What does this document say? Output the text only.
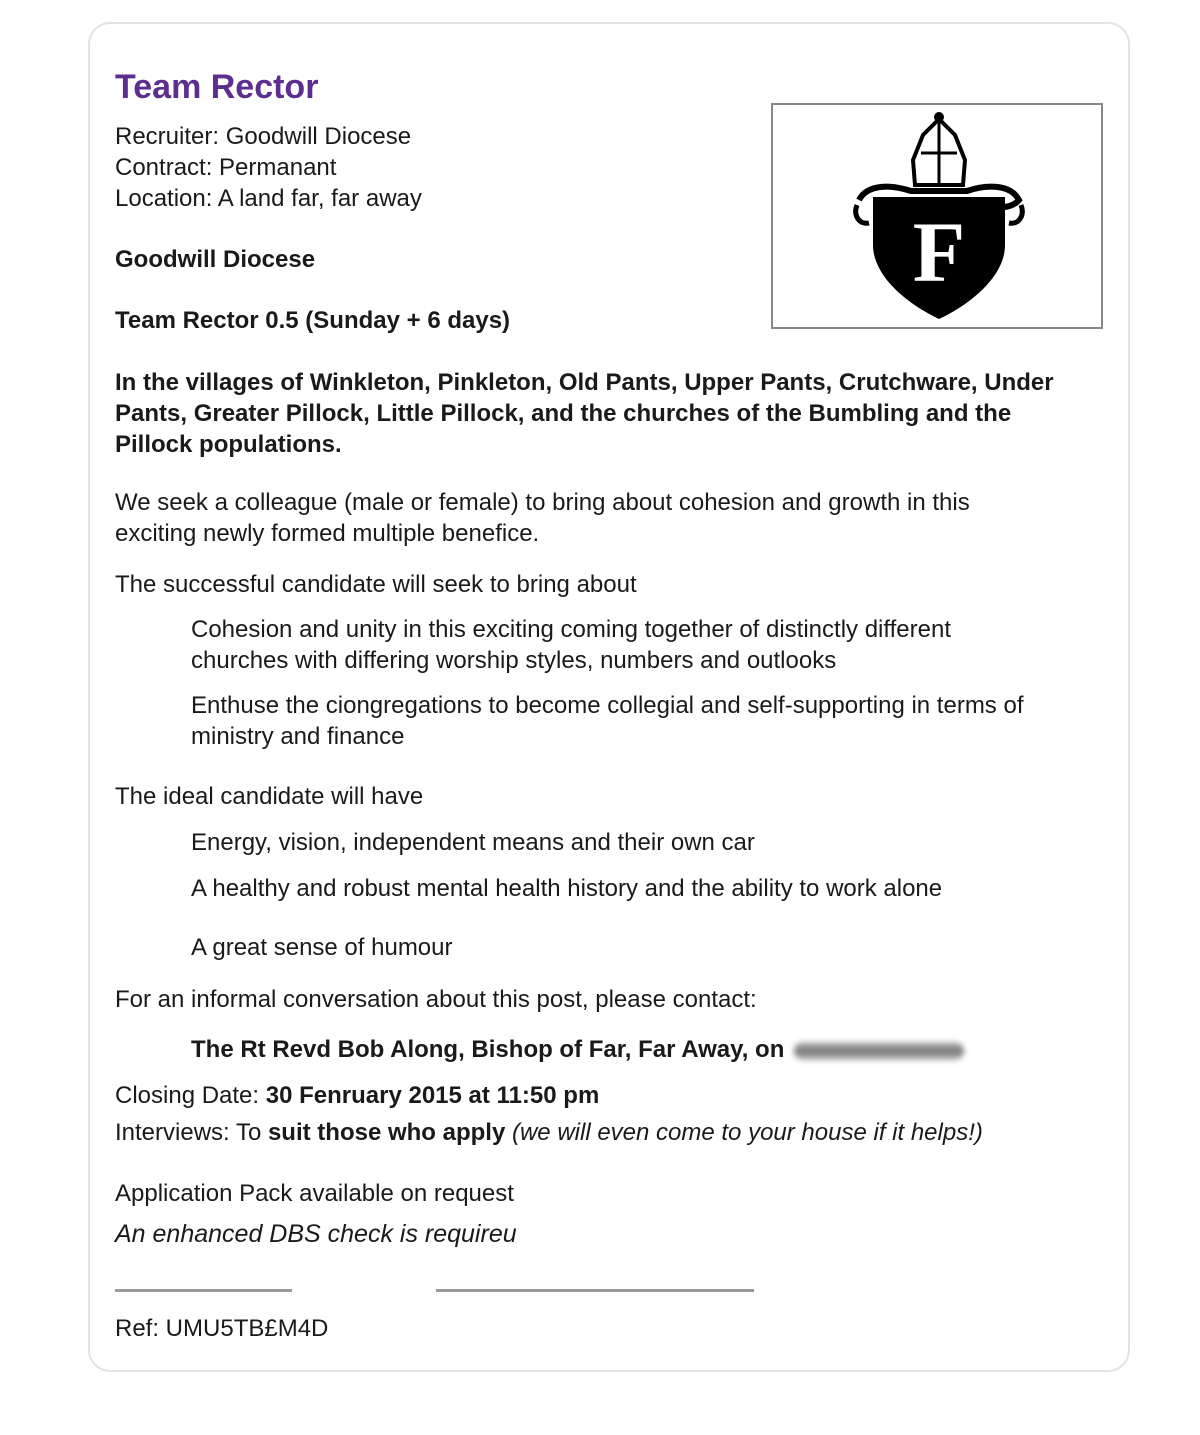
Team Rector
Recruiter: Goodwill Diocese
Contract: Permanant
Location: A land far, far away
F

Goodwill Diocese

Team Rector 0.5 (Sunday + 6 days)

In the villages of Winkleton, Pinkleton, Old Pants, Upper Pants, Crutchware, Under Pants, Greater Pillock, Little Pillock, and the churches of the Bumbling and the Pillock populations.

We seek a colleague (male or female) to bring about cohesion and growth in this exciting newly formed multiple benefice.

The successful candidate will seek to bring about

Cohesion and unity in this exciting coming together of distinctly different churches with differing worship styles, numbers and outlooks

Enthuse the ciongregations to become collegial and self-supporting in terms of ministry and finance

The ideal candidate will have

Energy, vision, independent means and their own car

A healthy and robust mental health history and the ability to work alone

A great sense of humour

For an informal conversation about this post, please contact:

The Rt Revd Bob Along, Bishop of Far, Far Away, on

Closing Date: 30 Fenruary 2015 at 11:50 pm

Interviews: To suit those who apply (we will even come to your house if it helps!)

Application Pack available on request

An enhanced DBS check is requireu

Ref: UMU5TB£M4D
